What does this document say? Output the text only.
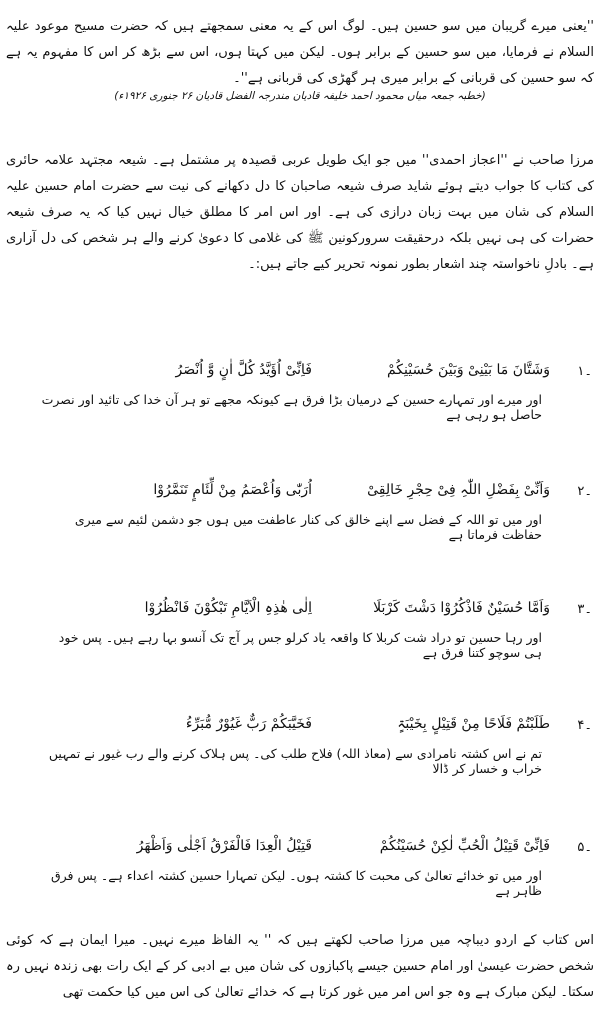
''یعنی میرے گریبان میں سو حسین ہیں۔ لوگ اس کے یہ معنی سمجھتے ہیں کہ حضرت مسیح موعود علیہ السلام نے فرمایا، میں سو حسین کے برابر ہوں۔ لیکن میں کہتا ہوں، اس سے بڑھ کر اس کا مفہوم یہ ہے کہ سو حسین کی قربانی کے برابر میری ہر گھڑی کی قربانی ہے''۔
(خطبہ جمعہ میاں محمود احمد خلیفہ قادیان مندرجہ الفضل قادیان ۲۶ جنوری ۱۹۲۶ء)
مرزا صاحب نے ''اعجاز احمدی'' میں جو ایک طویل عربی قصیدہ پر مشتمل ہے۔ شیعہ مجتہد علامہ حائری کی کتاب کا جواب دیتے ہوئے شاید صرف شیعہ صاحبان کا دل دکھانے کی نیت سے حضرت امام حسین علیہ السلام کی شان میں بہت زبان درازی کی ہے۔ اور اس امر کا مطلق خیال نہیں کیا کہ یہ صرف شیعہ حضرات کی ہی نہیں بلکہ درحقیقت سرورکونین ﷺ کی غلامی کا دعویٰ کرنے والے ہر شخص کی دل آزاری ہے۔ بادلِ ناخواستہ چند اشعار بطور نمونہ تحریر کیے جاتے ہیں:۔
۱۔
وَشَتَّانَ مَا بَیْنِیْ وَبَیْنَ حُسَیْنِکُمْ
فَاِنِّیْ اُؤَیَّدُ کُلَّ اٰنٍ وَّ اُنْصَرُ
اور میرے اور تمہارے حسین کے درمیان بڑا فرق ہے کیونکہ مجھے تو ہر آن خدا کی تائید اور نصرت حاصل ہو رہی ہے
۲۔
وَاَنِّیْ بِفَضْلِ اللّٰہِ فِیْ حِجْرِ خَالِقِیْ
اُرَبّٰی وَاُعْصَمُ مِنْ لِّئَامٍ تَنَمَّرُوْا
اور میں تو اللہ کے فضل سے اپنے خالق کی کنار عاطفت میں ہوں جو دشمن لئیم سے میری حفاظت فرماتا ہے
۳۔
وَاَمَّا حُسَیْنٌ فَاذْکُرُوْا دَشْتَ کَرْبَلَا
اِلٰی ھٰذِہِ الْاَیَّامِ تَبْکُوْنَ فَانْظُرُوْا
اور رہا حسین تو دراد شت کربلا کا واقعہ یاد کرلو جس پر آج تک آنسو بہا رہے ہیں۔ پس خود ہی سوچو کتنا فرق ہے
۴۔
طَلَبْتُمْ فَلَاحًا مِنْ قَتِیْلٍ بِخَیْبَۃٍ
فَخَیَّبَکُمْ رَبٌّ غَیُوْرٌ مُّبَرِّءُ
تم نے اس کشتہ نامرادی سے (معاذ اللہ) فلاح طلب کی۔ پس ہلاک کرنے والے رب غیور نے تمہیں خراب و خسار کر ڈالا
۵۔
فَاِنِّیْ قَتِیْلُ الْحُبِّ لٰکِنْ حُسَیْنُکُمْ
قَتِیْلُ الْعِدَا فَالْفَرْقُ اَجْلٰی وَاَظْھَرُ
اور میں تو خدائے تعالیٰ کی محبت کا کشتہ ہوں۔ لیکن تمہارا حسین کشتہ اعداء ہے۔ پس فرق ظاہر ہے
اس کتاب کے اردو دیباچہ میں مرزا صاحب لکھتے ہیں کہ '' یہ الفاظ میرے نہیں۔ میرا ایمان ہے کہ کوئی شخص حضرت عیسیٰ اور امام حسین جیسے پاکبازوں کی شان میں بے ادبی کر کے ایک رات بھی زندہ نہیں رہ سکتا۔ لیکن مبارک ہے وہ جو اس امر میں غور کرتا ہے کہ خدائے تعالیٰ کی اس میں کیا حکمت تھی
